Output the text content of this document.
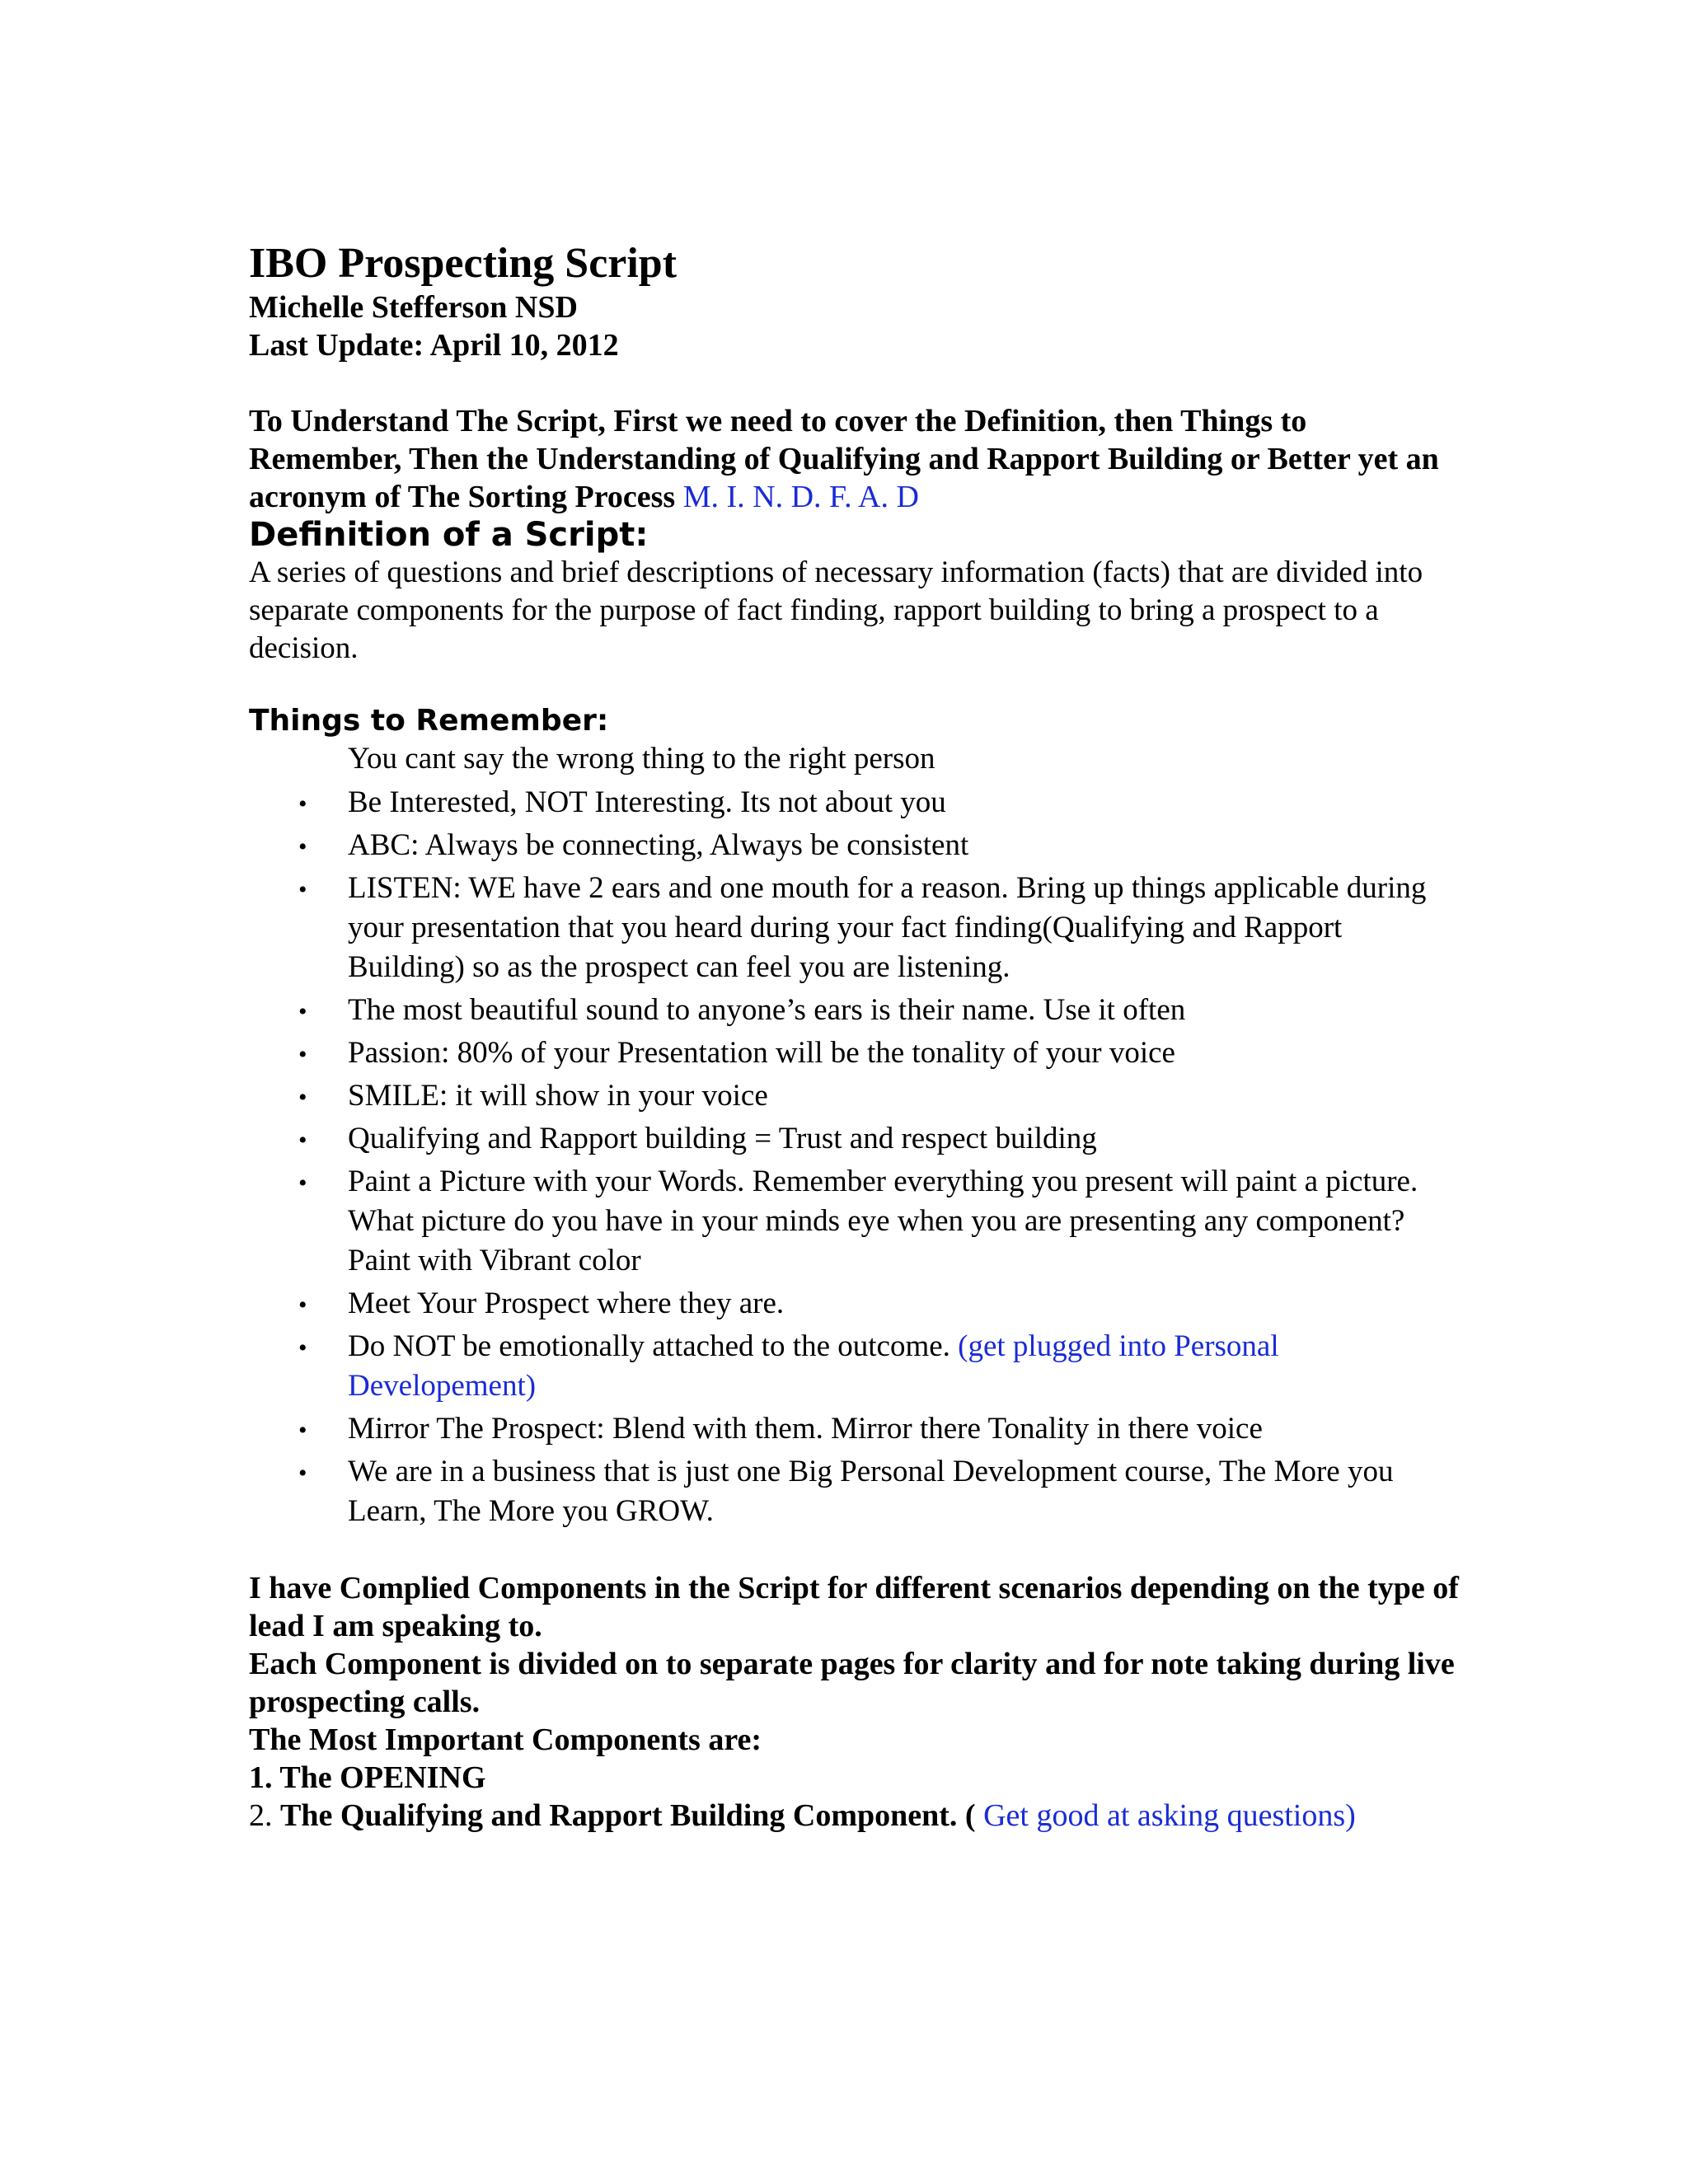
IBO Prospecting Script

Michelle Stefferson NSD

Last Update: April 10, 2012

To Understand The Script, First we need to cover the Definition, then Things to Remember, Then the Understanding of Qualifying and Rapport Building or Better yet an acronym of The Sorting Process M. I. N. D. F. A. D

Definition of a Script:

A series of questions and brief descriptions of necessary information (facts) that are divided into separate components for the purpose of fact finding, rapport building to bring a prospect to a decision.

Things to Remember:

You cant say the wrong thing to the right person

• Be Interested, NOT Interesting. Its not about you
• ABC: Always be connecting, Always be consistent
• LISTEN: WE have 2 ears and one mouth for a reason. Bring up things applicable during your presentation that you heard during your fact finding(Qualifying and Rapport Building) so as the prospect can feel you are listening.
• The most beautiful sound to anyone’s ears is their name. Use it often
• Passion: 80% of your Presentation will be the tonality of your voice
• SMILE: it will show in your voice
• Qualifying and Rapport building = Trust and respect building
• Paint a Picture with your Words. Remember everything you present will paint a picture. What picture do you have in your minds eye when you are presenting any component? Paint with Vibrant color
• Meet Your Prospect where they are.
• Do NOT be emotionally attached to the outcome. (get plugged into Personal Developement)
• Mirror The Prospect: Blend with them. Mirror there Tonality in there voice
• We are in a business that is just one Big Personal Development course, The More you Learn, The More you GROW.

I have Complied Components in the Script for different scenarios depending on the type of lead I am speaking to.

Each Component is divided on to separate pages for clarity and for note taking during live prospecting calls.

The Most Important Components are:

1. The OPENING

2. The Qualifying and Rapport Building Component. ( Get good at asking questions)
